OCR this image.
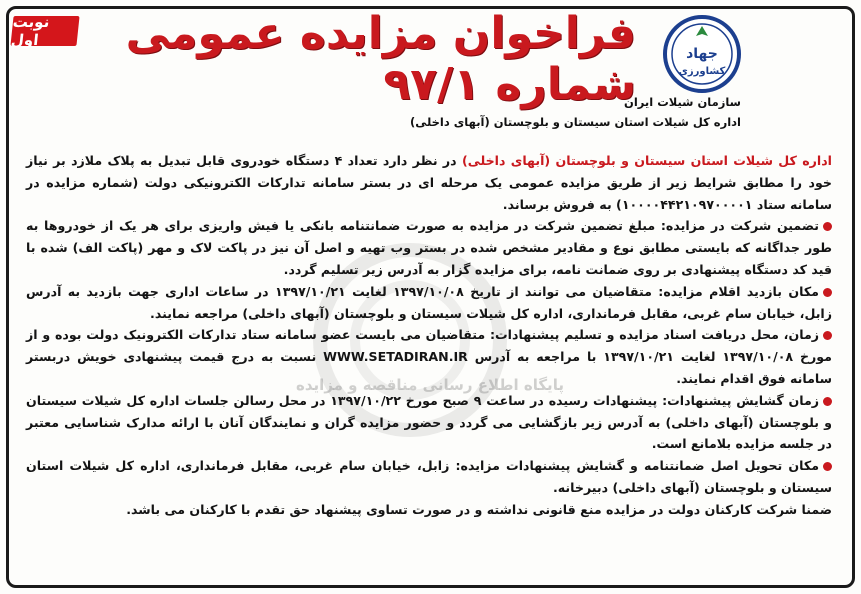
نوبت اول	فراخوان مزایده عمومی شماره ۹۷/۱
جهاد
کشاورزی
سازمان شیلات ایران
اداره کل شیلات استان سیستان و بلوچستان (آبهای داخلی)
پایگاه اطلاع رسانی مناقصه و مزایده

اداره کل شیلات استان سیستان و بلوچستان (آبهای داخلی) در نظر دارد تعداد ۴ دستگاه خودروی قابل تبدیل به پلاک ملازد بر نیاز خود را مطابق شرایط زیر از طریق مزایده عمومی یک مرحله ای در بستر سامانه تدارکات الکترونیکی دولت (شماره مزایده در سامانه ستاد ۱۰۰۰۰۴۴۲۱۰۹۷۰۰۰۰۱) به فروش برساند.

تضمین شرکت در مزایده: مبلغ تضمین شرکت در مزایده به صورت ضمانتنامه بانکی یا فیش واریزی برای هر یک از خودروها به طور جداگانه که بایستی مطابق نوع و مقادیر مشخص شده در بستر وب تهیه و اصل آن نیز در پاکت لاک و مهر (پاکت الف) شده با قید کد دستگاه پیشنهادی بر روی ضمانت نامه، برای مزایده گزار به آدرس زیر تسلیم گردد.

مکان بازدید اقلام مزایده: متقاضیان می توانند از تاریخ ۱۳۹۷/۱۰/۰۸ لغایت ۱۳۹۷/۱۰/۲۱ در ساعات اداری جهت بازدید به آدرس زابل، خیابان سام غربی، مقابل فرمانداری، اداره کل شیلات سیستان و بلوچستان (آبهای داخلی) مراجعه نمایند.

زمان، محل دریافت اسناد مزایده و تسلیم پیشنهادات: متقاضیان می بایست عضو سامانه ستاد تدارکات الکترونیک دولت بوده و از مورخ ۱۳۹۷/۱۰/۰۸ لغایت ۱۳۹۷/۱۰/۲۱ با مراجعه به آدرس WWW.SETADIRAN.IR نسبت به درج قیمت پیشنهادی خویش دربستر سامانه فوق اقدام نمایند.

زمان گشایش پیشنهادات: پیشنهادات رسیده در ساعت ۹ صبح مورخ ۱۳۹۷/۱۰/۲۲ در محل رسالن جلسات اداره کل شیلات سیستان و بلوچستان (آبهای داخلی) به آدرس زیر بازگشایی می گردد و حضور مزایده گران و نمایندگان آنان با ارائه مدارک شناسایی معتبر در جلسه مزایده بلامانع است.

مکان تحویل اصل ضمانتنامه و گشایش پیشنهادات مزایده: زابل، خیابان سام غربی، مقابل فرمانداری، اداره کل شیلات استان سیستان و بلوچستان (آبهای داخلی) دبیرخانه.

ضمنا شرکت کارکنان دولت در مزایده منع قانونی نداشته و در صورت تساوی پیشنهاد حق تقدم با کارکنان می باشد.
